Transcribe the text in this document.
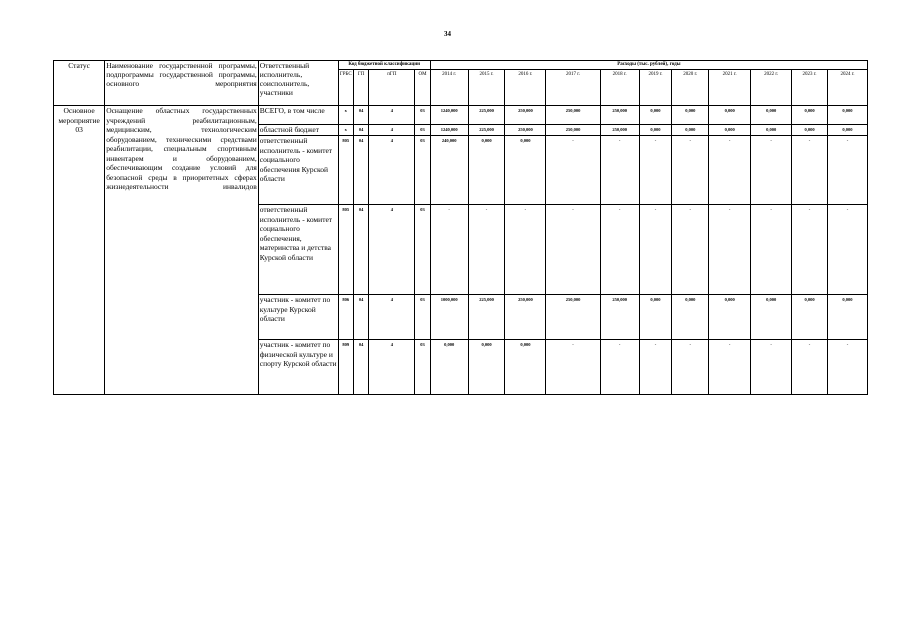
34
Статус	Наименование государственной программы, подпрограммы государственной программы, основного мероприятия	Ответственный исполнитель, соисполнитель, участники	Код бюджетной классификации				Расходы (тыс. рублей), годы										
			ГРБС	ГП	пГП	ОМ	2014 г.	2015 г.	2016 г.	2017 г.	2018 г.	2019 г.	2020 г.	2021 г.	2022 г.	2023 г.	2024 г.
Основное мероприятие 03	Оснащение областных государственных учреждений реабилитационным, медицинским, технологическим оборудованием, техническими средствами реабилитации, специальным спортивным инвентарем и оборудованием, обеспечивающим создание условий для безопасной среды в приоритетных сферах жизнедеятельности инвалидов	ВСЕГО, в том числе	х	04	4	03	1240,000	225,000	250,000	250,000	250,000	0,000	0,000	0,000	0,000	0,000	0,000
		областной бюджет	х	04	4	03	1240,000	225,000	250,000	250,000	250,000	0,000	0,000	0,000	0,000	0,000	0,000
		ответственный исполнитель - комитет социального обеспечения Курской области	805	04	4	03	240,000	0,000	0,000	-	-	-	-	-	-	-	-
		ответственный исполнитель - комитет социального обеспечения, материнства и детства Курской области	805	04	4	03	-	-	-	-	-	-	-	-	-	-	-
		участник - комитет по культуре Курской области	806	04	4	03	1000,000	225,000	250,000	250,000	250,000	0,000	0,000	0,000	0,000	0,000	0,000
		участник - комитет по физической культуре и спорту Курской области	809	04	4	03	0,000	0,000	0,000	-	-	-	-	-	-	-	-
